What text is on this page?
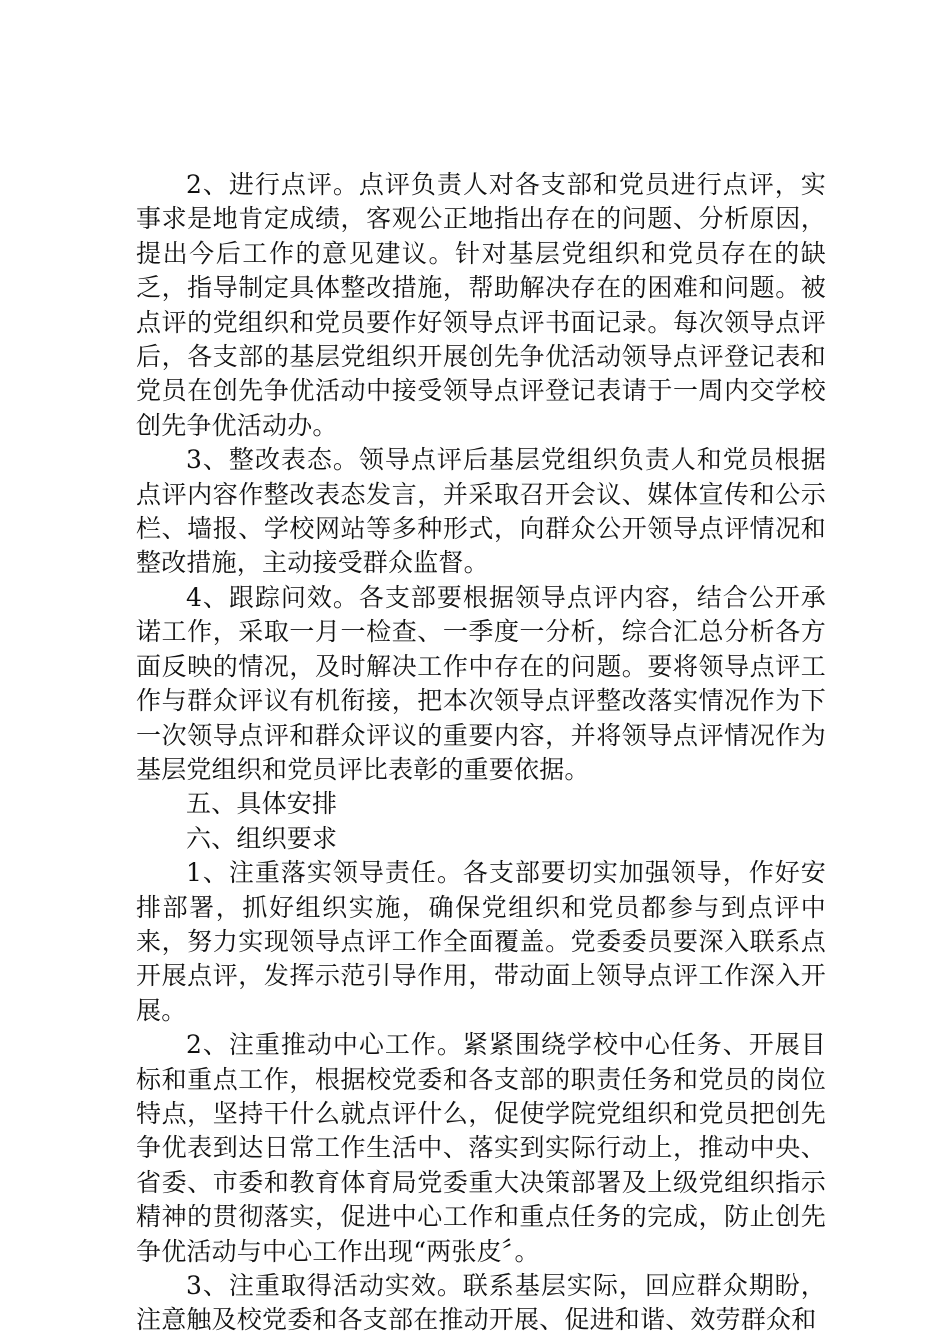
2、进行点评。点评负责人对各支部和党员进行点评，实事求是地肯定成绩，客观公正地指出存在的问题、分析原因，提出今后工作的意见建议。针对基层党组织和党员存在的缺乏，指导制定具体整改措施，帮助解决存在的困难和问题。被点评的党组织和党员要作好领导点评书面记录。每次领导点评后，各支部的基层党组织开展创先争优活动领导点评登记表和党员在创先争优活动中接受领导点评登记表请于一周内交学校创先争优活动办。

3、整改表态。领导点评后基层党组织负责人和党员根据点评内容作整改表态发言，并采取召开会议、媒体宣传和公示栏、墙报、学校网站等多种形式，向群众公开领导点评情况和整改措施，主动接受群众监督。

4、跟踪问效。各支部要根据领导点评内容，结合公开承诺工作，采取一月一检查、一季度一分析，综合汇总分析各方面反映的情况，及时解决工作中存在的问题。要将领导点评工作与群众评议有机衔接，把本次领导点评整改落实情况作为下一次领导点评和群众评议的重要内容，并将领导点评情况作为基层党组织和党员评比表彰的重要依据。

五、具体安排

六、组织要求

1、注重落实领导责任。各支部要切实加强领导，作好安排部署，抓好组织实施，确保党组织和党员都参与到点评中来，努力实现领导点评工作全面覆盖。党委委员要深入联系点开展点评，发挥示范引导作用，带动面上领导点评工作深入开展。

2、注重推动中心工作。紧紧围绕学校中心任务、开展目标和重点工作，根据校党委和各支部的职责任务和党员的岗位特点，坚持干什么就点评什么，促使学院党组织和党员把创先争优表到达日常工作生活中、落实到实际行动上，推动中央、省委、市委和教育体育局党委重大决策部署及上级党组织指示精神的贯彻落实，促进中心工作和重点任务的完成，防止创先争优活动与中心工作出现“两张皮〞。

3、注重取得活动实效。联系基层实际，回应群众期盼，注意触及校党委和各支部在推动开展、促进和谐、效劳群众和
